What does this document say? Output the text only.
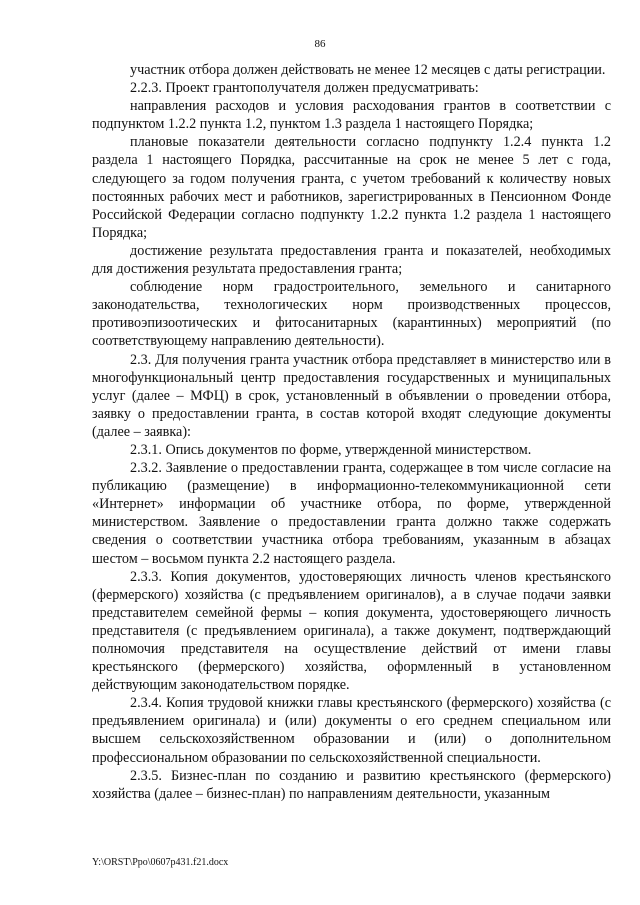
86

участник отбора должен действовать не менее 12 месяцев с даты регистрации.

2.2.3. Проект грантополучателя должен предусматривать:

направления расходов и условия расходования грантов в соответствии с подпунктом 1.2.2 пункта 1.2, пунктом 1.3 раздела 1 настоящего Порядка;

плановые показатели деятельности согласно подпункту 1.2.4 пункта 1.2 раздела 1 настоящего Порядка, рассчитанные на срок не менее 5 лет с года, следующего за годом получения гранта, с учетом требований к количеству новых постоянных рабочих мест и работников, зарегистрированных в Пенсионном Фонде Российской Федерации согласно подпункту 1.2.2 пункта 1.2 раздела 1 настоящего Порядка;

достижение результата предоставления гранта и показателей, необходимых для достижения результата предоставления гранта;

соблюдение норм градостроительного, земельного и санитарного законодательства, технологических норм производственных процессов, противоэпизоотических и фитосанитарных (карантинных) мероприятий (по соответствующему направлению деятельности).

2.3. Для получения гранта участник отбора представляет в министерство или в многофункциональный центр предоставления государственных и муниципальных услуг (далее – МФЦ) в срок, установленный в объявлении о проведении отбора, заявку о предоставлении гранта, в состав которой входят следующие документы (далее – заявка):

2.3.1. Опись документов по форме, утвержденной министерством.

2.3.2. Заявление о предоставлении гранта, содержащее в том числе согласие на публикацию (размещение) в информационно-телекоммуникационной сети «Интернет» информации об участнике отбора, по форме, утвержденной министерством. Заявление о предоставлении гранта должно также содержать сведения о соответствии участника отбора требованиям, указанным в абзацах шестом – восьмом пункта 2.2 настоящего раздела.

2.3.3. Копия документов, удостоверяющих личность членов крестьянского (фермерского) хозяйства (с предъявлением оригиналов), а в случае подачи заявки представителем семейной фермы – копия документа, удостоверяющего личность представителя (с предъявлением оригинала), а также документ, подтверждающий полномочия представителя на осуществление действий от имени главы крестьянского (фермерского) хозяйства, оформленный в установленном действующим законодательством порядке.

2.3.4. Копия трудовой книжки главы крестьянского (фермерского) хозяйства (с предъявлением оригинала) и (или) документы о его среднем специальном или высшем сельскохозяйственном образовании и (или) о дополнительном профессиональном образовании по сельскохозяйственной специальности.

2.3.5. Бизнес-план по созданию и развитию крестьянского (фермерского) хозяйства (далее – бизнес-план) по направлениям деятельности, указанным

Y:\ORST\Ppo\0607p431.f21.docx
